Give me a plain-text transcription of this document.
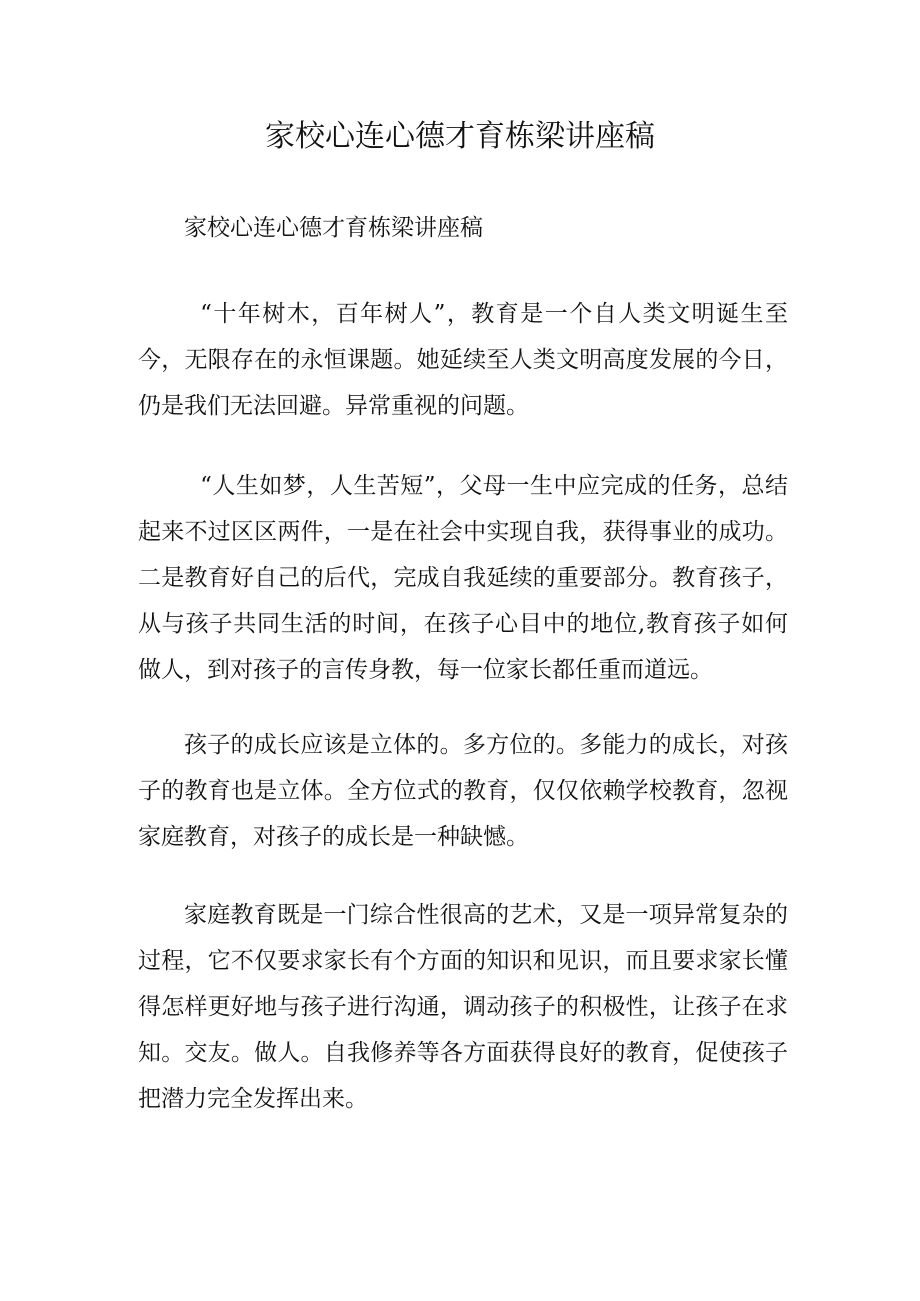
家校心连心德才育栋梁讲座稿

家校心连心德才育栋梁讲座稿

“十年树木，百年树人”，教育是一个自人类文明诞生至今，无限存在的永恒课题。她延续至人类文明高度发展的今日，仍是我们无法回避。异常重视的问题。

“人生如梦，人生苦短”，父母一生中应完成的任务，总结起来不过区区两件，一是在社会中实现自我，获得事业的成功。二是教育好自己的后代，完成自我延续的重要部分。教育孩子，从与孩子共同生活的时间，在孩子心目中的地位,教育孩子如何做人，到对孩子的言传身教，每一位家长都任重而道远。

孩子的成长应该是立体的。多方位的。多能力的成长，对孩子的教育也是立体。全方位式的教育，仅仅依赖学校教育，忽视家庭教育，对孩子的成长是一种缺憾。

家庭教育既是一门综合性很高的艺术，又是一项异常复杂的过程，它不仅要求家长有个方面的知识和见识，而且要求家长懂得怎样更好地与孩子进行沟通，调动孩子的积极性，让孩子在求知。交友。做人。自我修养等各方面获得良好的教育，促使孩子把潜力完全发挥出来。
